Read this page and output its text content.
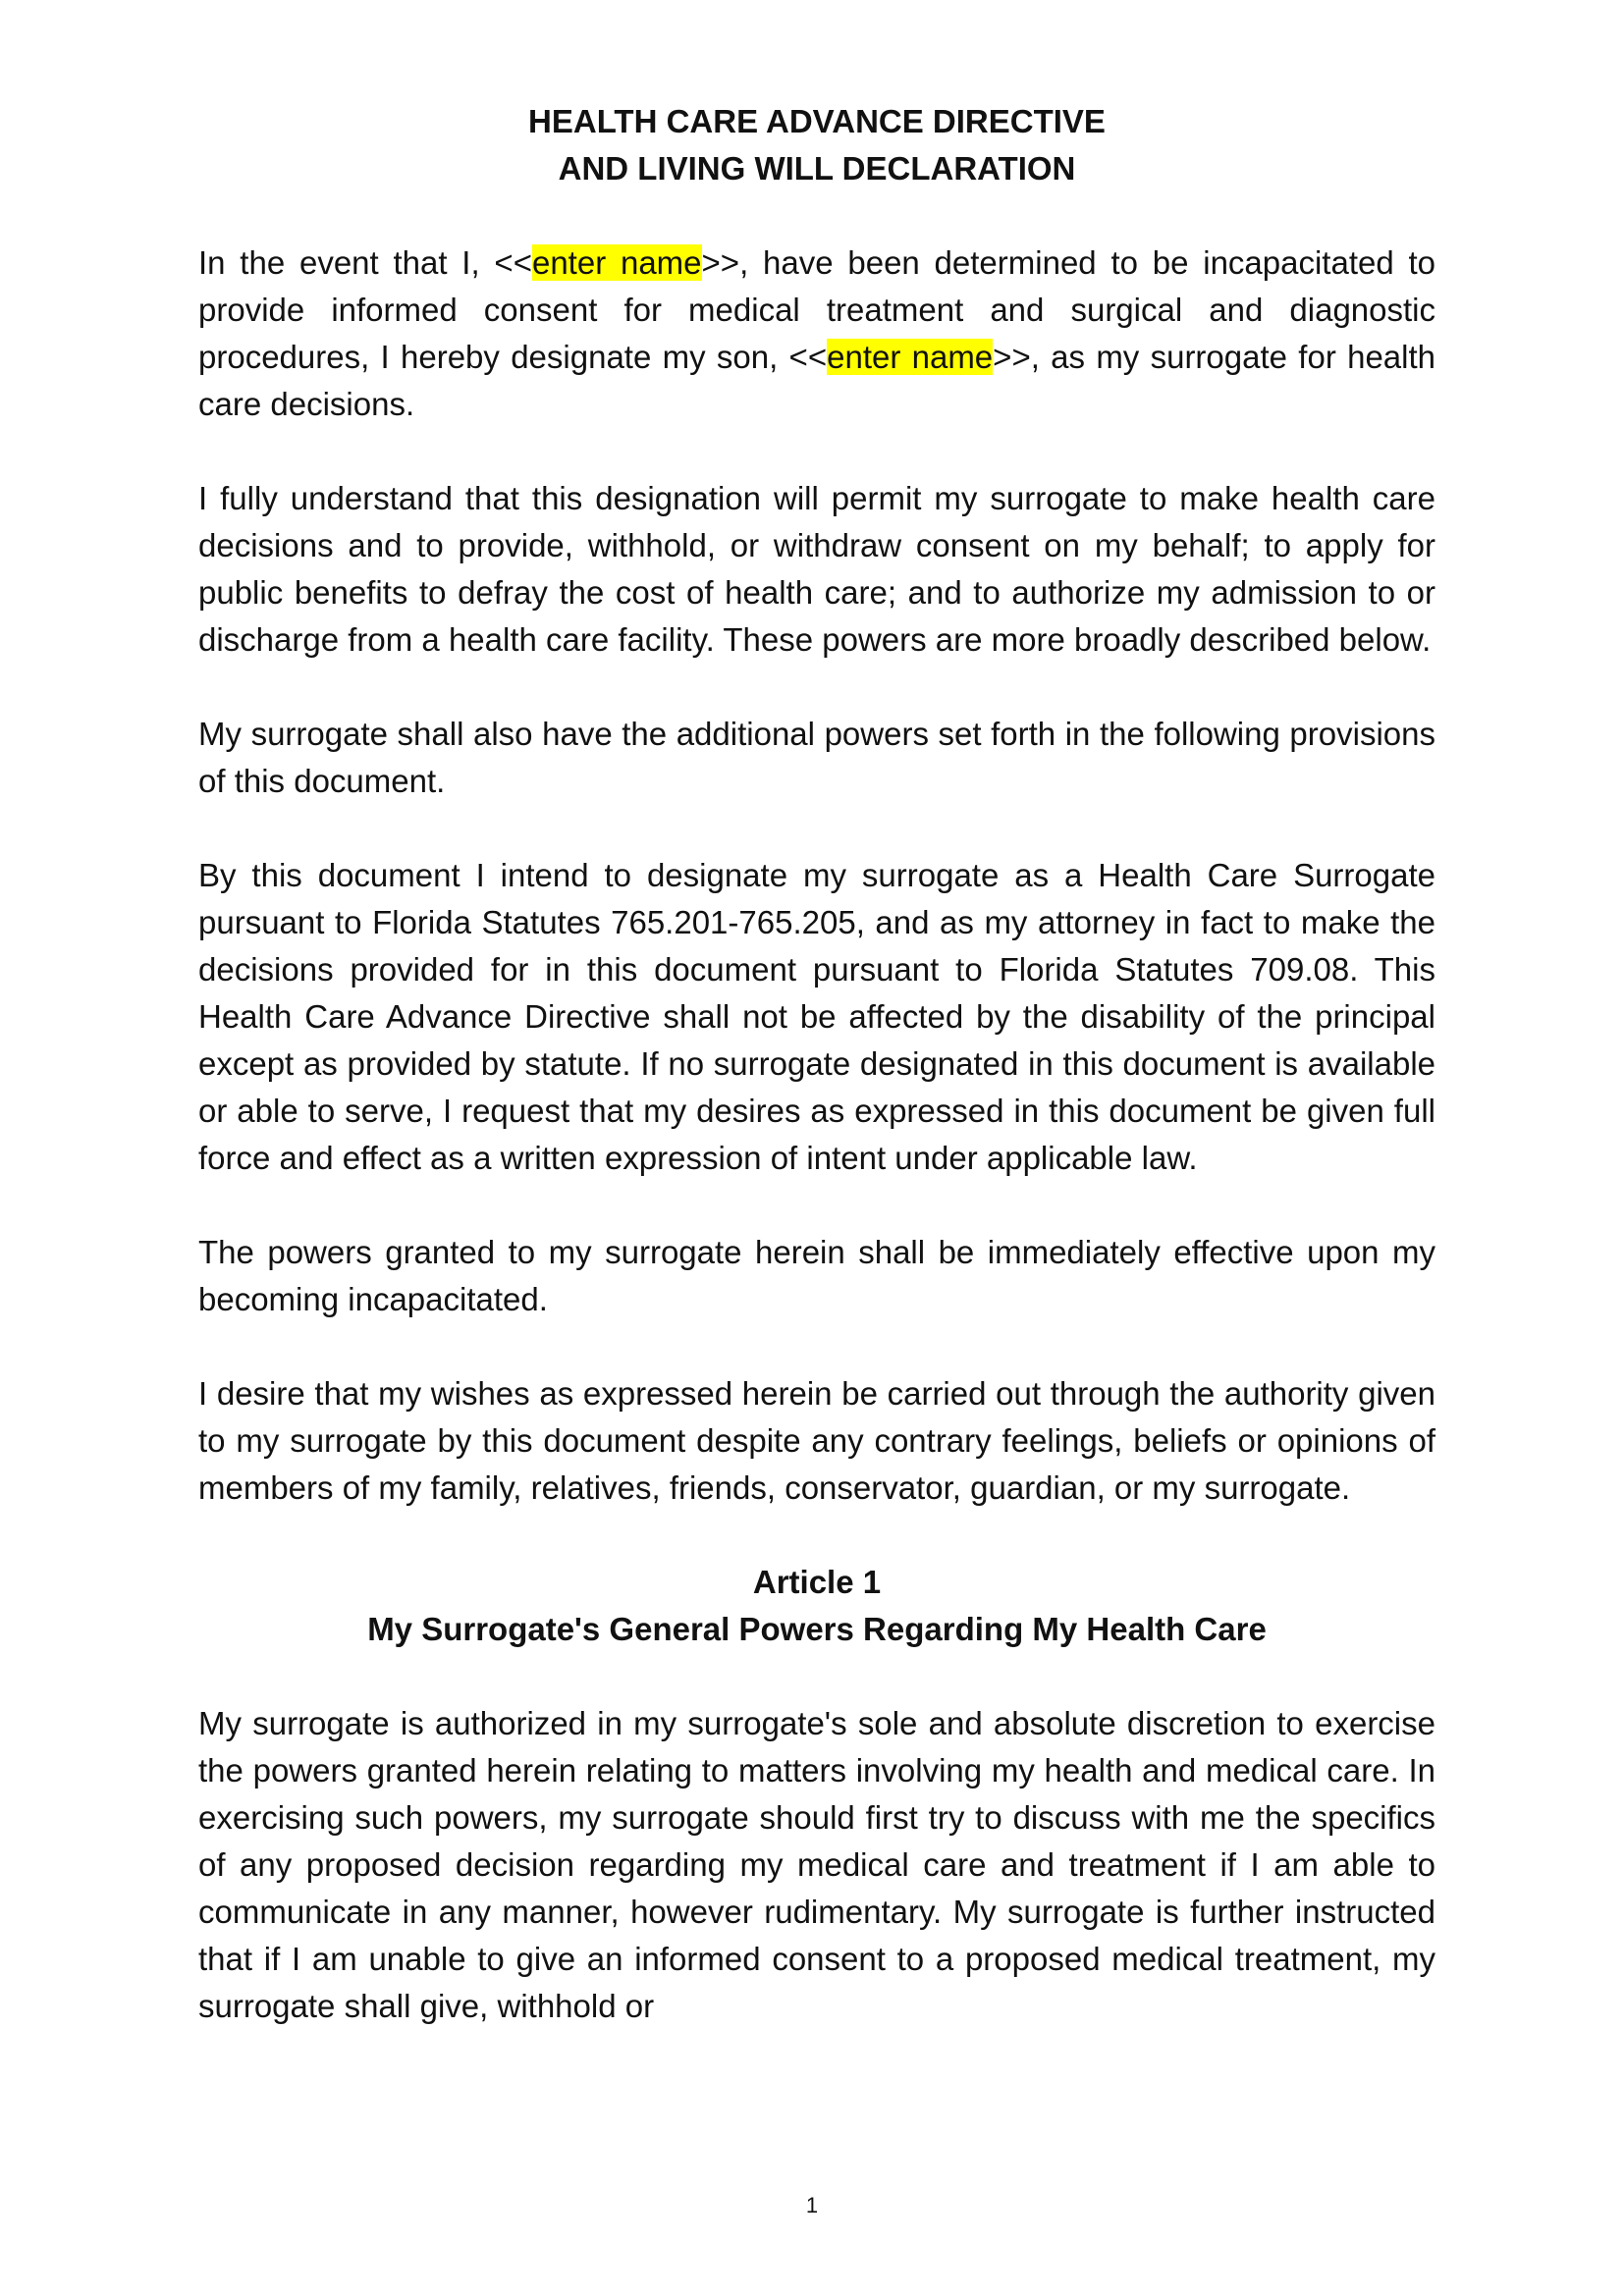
HEALTH CARE ADVANCE DIRECTIVE

AND LIVING WILL DECLARATION

In the event that I, <<enter name>>, have been determined to be incapacitated to provide informed consent for medical treatment and surgical and diagnostic procedures, I hereby designate my son, <<enter name>>, as my surrogate for health care decisions.

I fully understand that this designation will permit my surrogate to make health care decisions and to provide, withhold, or withdraw consent on my behalf; to apply for public benefits to defray the cost of health care; and to authorize my admission to or discharge from a health care facility. These powers are more broadly described below.

My surrogate shall also have the additional powers set forth in the following provisions of this document.

By this document I intend to designate my surrogate as a Health Care Surrogate pursuant to Florida Statutes 765.201-765.205, and as my attorney in fact to make the decisions provided for in this document pursuant to Florida Statutes 709.08. This Health Care Advance Directive shall not be affected by the disability of the principal except as provided by statute. If no surrogate designated in this document is available or able to serve, I request that my desires as expressed in this document be given full force and effect as a written expression of intent under applicable law.

The powers granted to my surrogate herein shall be immediately effective upon my becoming incapacitated.

I desire that my wishes as expressed herein be carried out through the authority given to my surrogate by this document despite any contrary feelings, beliefs or opinions of members of my family, relatives, friends, conservator, guardian, or my surrogate.

Article 1

My Surrogate's General Powers Regarding My Health Care

My surrogate is authorized in my surrogate's sole and absolute discretion to exercise the powers granted herein relating to matters involving my health and medical care. In exercising such powers, my surrogate should first try to discuss with me the specifics of any proposed decision regarding my medical care and treatment if I am able to communicate in any manner, however rudimentary. My surrogate is further instructed that if I am unable to give an informed consent to a proposed medical treatment, my surrogate shall give, withhold or

1
